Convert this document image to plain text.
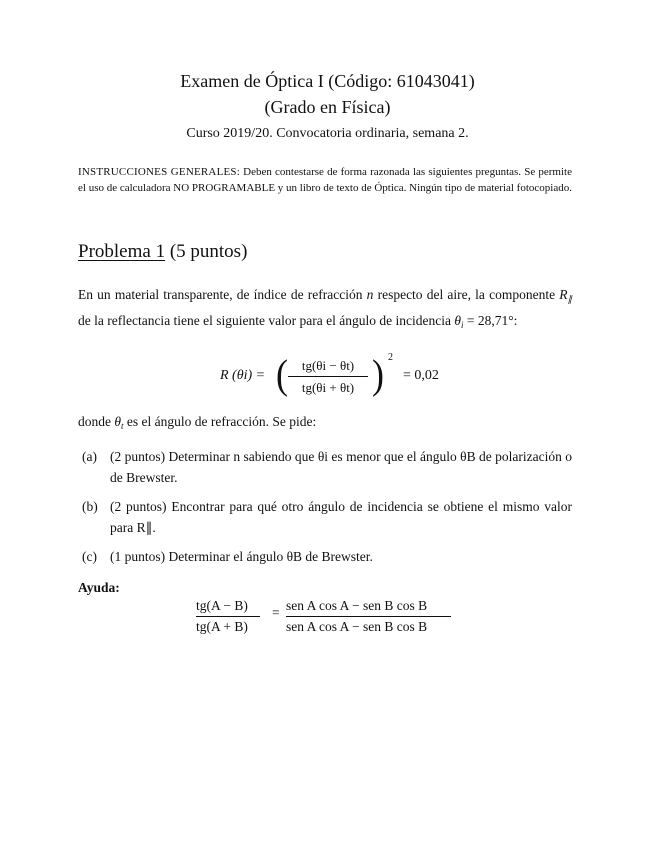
Examen de Óptica I (Código: 61043041)
(Grado en Física)
Curso 2019/20. Convocatoria ordinaria, semana 2.
INSTRUCCIONES GENERALES: Deben contestarse de forma razonada las siguientes preguntas. Se permite el uso de calculadora NO PROGRAMABLE y un libro de texto de Óptica. Ningún tipo de material fotocopiado.
Problema 1 (5 puntos)
En un material transparente, de índice de refracción n respecto del aire, la componente $R_\parallel$ de la reflectancia tiene el siguiente valor para el ángulo de incidencia $\theta_i = 28,71^\circ$:
R (θi) = (	tg(θi − θt)
tg(θi + θt) ) 2
= 0,02
donde $\theta_t$ es el ángulo de refracción. Se pide:
(a) (2 puntos) Determinar n sabiendo que θi es menor que el ángulo θB de polarización o de Brewster.
(b) (2 puntos) Encontrar para qué otro ángulo de incidencia se obtiene el mismo valor para R∥.
(c) (1 puntos) Determinar el ángulo θB de Brewster.
Ayuda:
tg(A − B)
tg(A + B)
= sen A cos A − sen B cos B
sen A cos A − sen B cos B
